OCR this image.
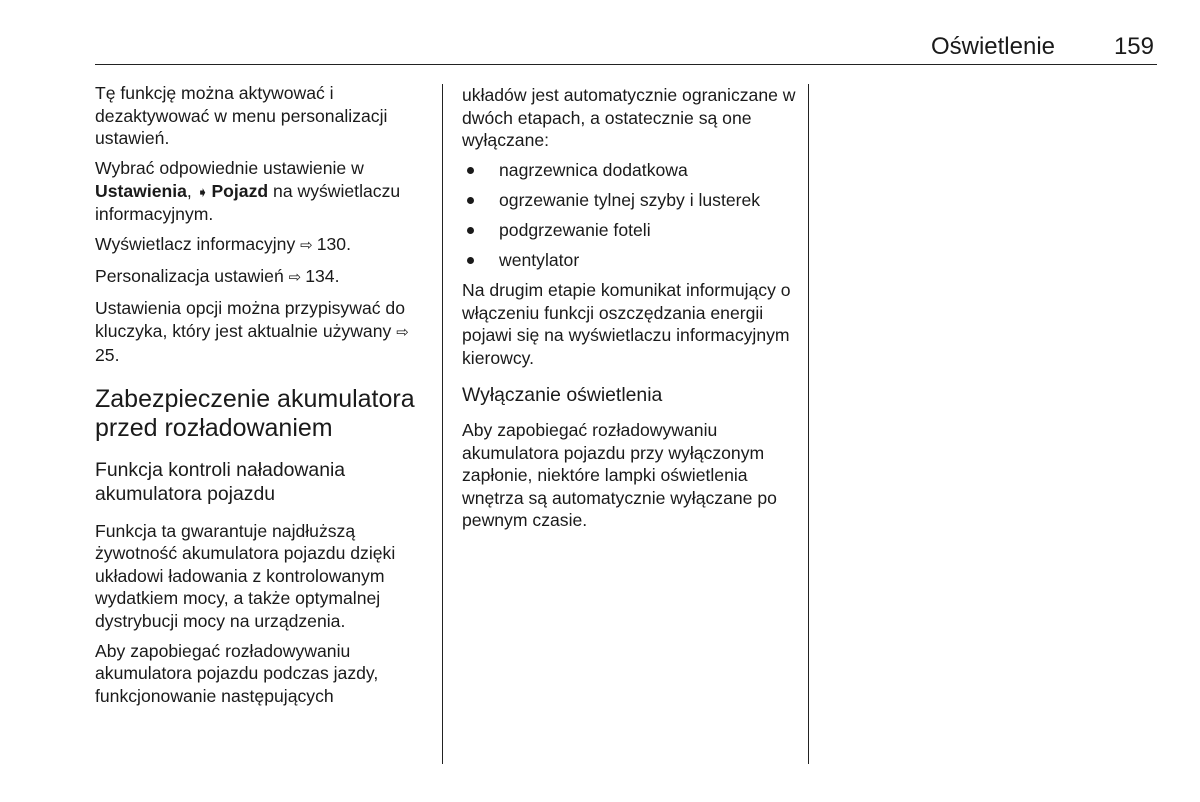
Oświetlenie 159

Tę funkcję można aktywować i dezaktywować w menu personalizacji ustawień.

Wybrać odpowiednie ustawienie w Ustawienia, ➧ Pojazd na wyświetlaczu informacyjnym.

Wyświetlacz informacyjny ⇨ 130.

Personalizacja ustawień ⇨ 134.

Ustawienia opcji można przypisywać do kluczyka, który jest aktualnie używany ⇨25.

Zabezpieczenie akumulatora przed rozładowaniem
Funkcja kontroli naładowania akumulatora pojazdu

Funkcja ta gwarantuje najdłuższą żywotność akumulatora pojazdu dzięki układowi ładowania z kontrolowanym wydatkiem mocy, a także optymalnej dystrybucji mocy na urządzenia.

Aby zapobiegać rozładowywaniu akumulatora pojazdu podczas jazdy, funkcjonowanie następujących

układów jest automatycznie ograniczane w dwóch etapach, a ostatecznie są one wyłączane:

nagrzewnica dodatkowa
ogrzewanie tylnej szyby i lusterek
podgrzewanie foteli
wentylator

Na drugim etapie komunikat informujący o włączeniu funkcji oszczędzania energii pojawi się na wyświetlaczu informacyjnym kierowcy.

Wyłączanie oświetlenia

Aby zapobiegać rozładowywaniu akumulatora pojazdu przy wyłączonym zapłonie, niektóre lampki oświetlenia wnętrza są automatycznie wyłączane po pewnym czasie.
